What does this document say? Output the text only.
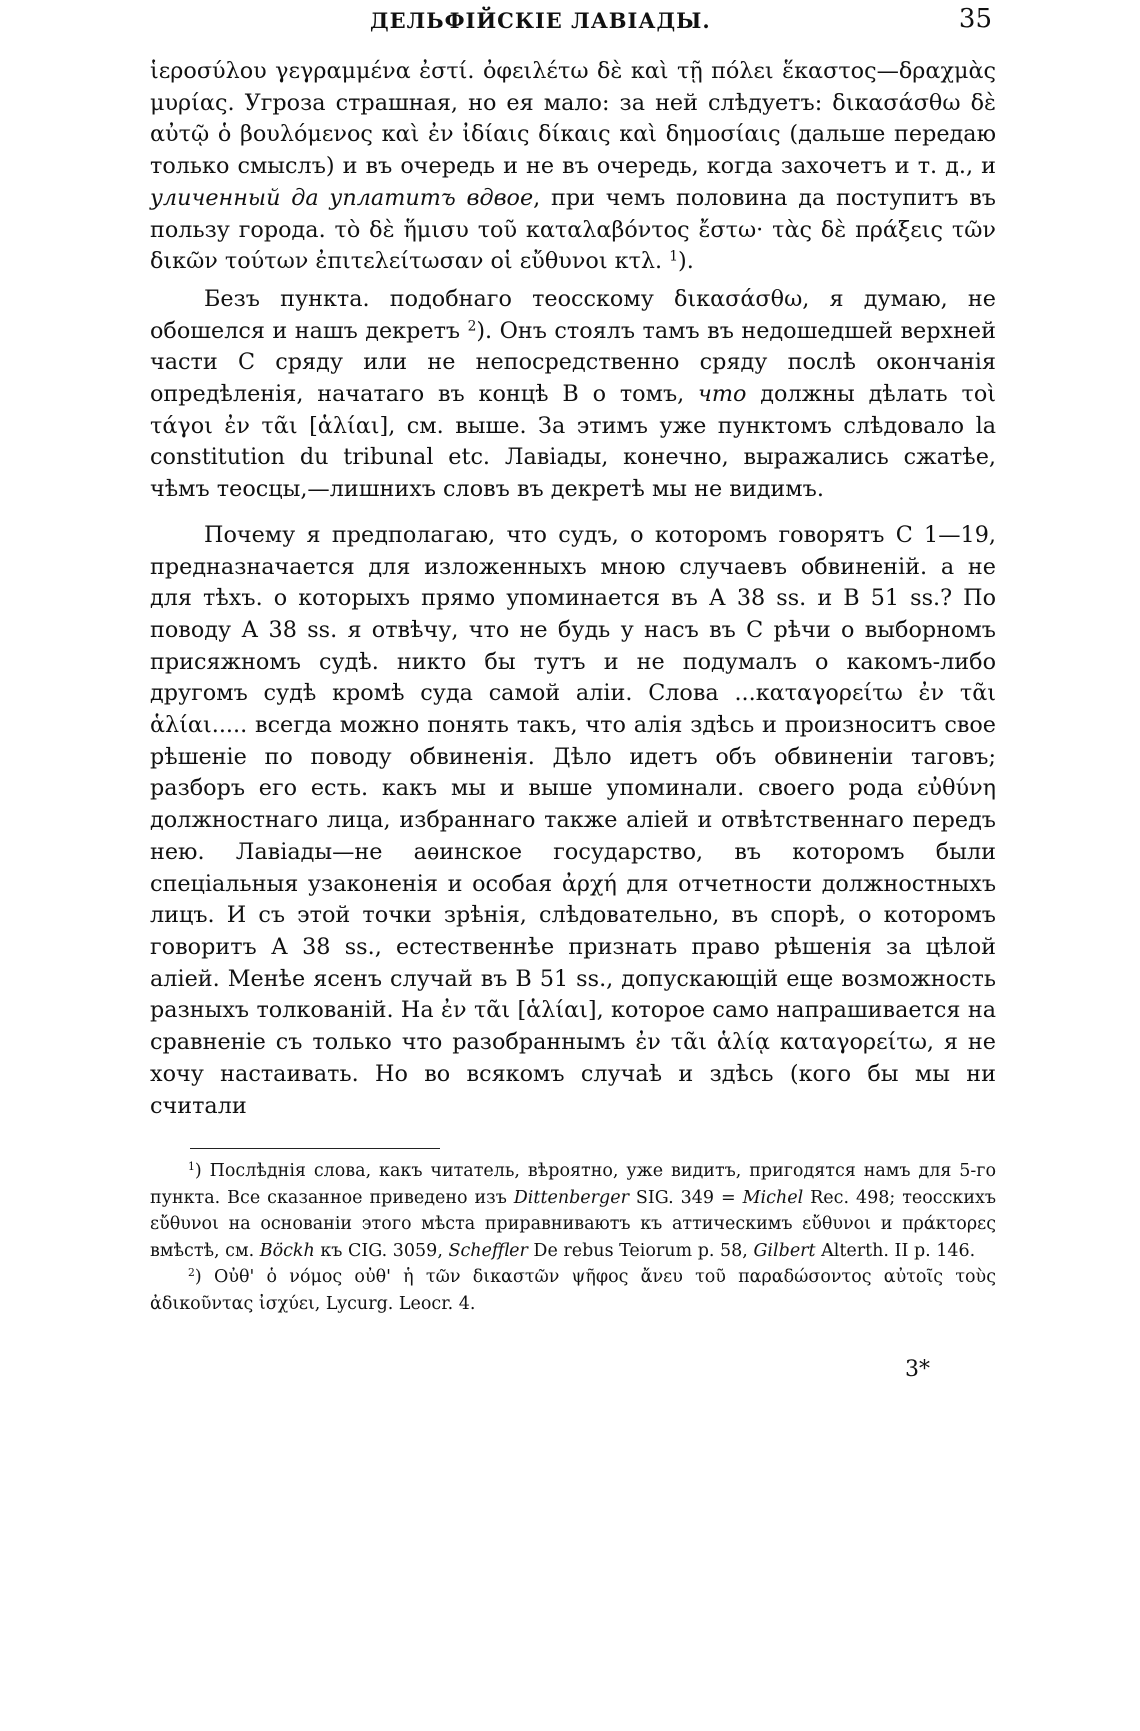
ДЕЛЬФІЙСКІЕ ЛАВІАДЫ.	35

ἱεροσύλου γεγραμμένα ἐστί. ὀφειλέτω δὲ καὶ τῇ πόλει ἕκαστος—δραχμὰς μυρίας. Угроза страшная, но ея мало: за ней слѣдуетъ: δικασάσθω δὲ αὐτῷ ὁ βουλόμενος καὶ ἐν ἰδίαις δίκαις καὶ δημοσίαις (дальше передаю только смыслъ) и въ очередь и не въ очередь, когда захочетъ и т. д., и уличенный да уплатитъ вдвое, при чемъ половина да поступитъ въ пользу города. τὸ δὲ ἥμισυ τοῦ καταλαβόντος ἔστω· τὰς δὲ πράξεις τῶν δικῶν τούτων ἐπιτελείτωσαν οἱ εὔθυνοι κτλ. $^1$).

Безъ пункта. подобнаго теосскому δικασάσθω, я думаю, не обошелся и нашъ декретъ $^2$). Онъ стоялъ тамъ въ недошедшей верхней части С сряду или не непосредственно сряду послѣ окончанія опредѣленія, начатаго въ концѣ В о томъ, что должны дѣлать τοὶ τάγοι ἐν τᾶι [ἁλίαι], см. выше. За этимъ уже пунктомъ слѣдовало la constitution du tribunal etc. Лавіады, конечно, выражались сжатѣе, чѣмъ теосцы,—лишнихъ словъ въ декретѣ мы не видимъ.

Почему я предполагаю, что судъ, о которомъ говорятъ С 1—19, предназначается для изложенныхъ мною случаевъ обвиненій. а не для тѣхъ. о которыхъ прямо упоминается въ А 38 ss. и В 51 ss.? По поводу А 38 ss. я отвѣчу, что не будь у насъ въ С рѣчи о выборномъ присяжномъ судѣ. никто бы тутъ и не подумалъ о какомъ-либо другомъ судѣ кромѣ суда самой аліи. Слова ...καταγορείτω ἐν τᾶι ἁλίαι..... всегда можно понять такъ, что алія здѣсь и произноситъ свое рѣшеніе по поводу обвиненія. Дѣло идетъ объ обвиненіи таговъ; разборъ его есть. какъ мы и выше упоминали. своего рода εὐθύνη должностнаго лица, избраннаго также аліей и отвѣтственнаго передъ нею. Лавіады—не аѳинское государство, въ которомъ были спеціальныя узаконенія и особая ἀρχή для отчетности должностныхъ лицъ. И съ этой точки зрѣнія, слѣдовательно, въ спорѣ, о которомъ говоритъ А 38 ss., естественнѣе признать право рѣшенія за цѣлой аліей. Менѣе ясенъ случай въ В 51 ss., допускающій еще возможность разныхъ толкованій. На ἐν τᾶι [ἁλίαι], которое само напрашивается на сравненіе съ только что разобраннымъ ἐν τᾶι ἁλίᾳ καταγορείτω, я не хочу настаивать. Но во всякомъ случаѣ и здѣсь (кого бы мы ни считали

$^1$) Послѣднія слова, какъ читатель, вѣроятно, уже видитъ, пригодятся намъ для 5-го пункта. Все сказанное приведено изъ Dittenberger SIG. 349 = Michel Rec. 498; теосскихъ εὔθυνοι на основаніи этого мѣста приравниваютъ къ аттическимъ εὔθυνοι и πράκτορες вмѣстѣ, см. Böckh къ CIG. 3059, Scheffler De rebus Teiorum p. 58, Gilbert Alterth. II p. 146.

$^2$) Οὐθ' ὁ νόμος οὐθ' ἡ τῶν δικαστῶν ψῆφος ἄνευ τοῦ παραδώσοντος αὐτοῖς τοὺς ἀδικοῦντας ἰσχύει, Lycurg. Leocr. 4.

3*
